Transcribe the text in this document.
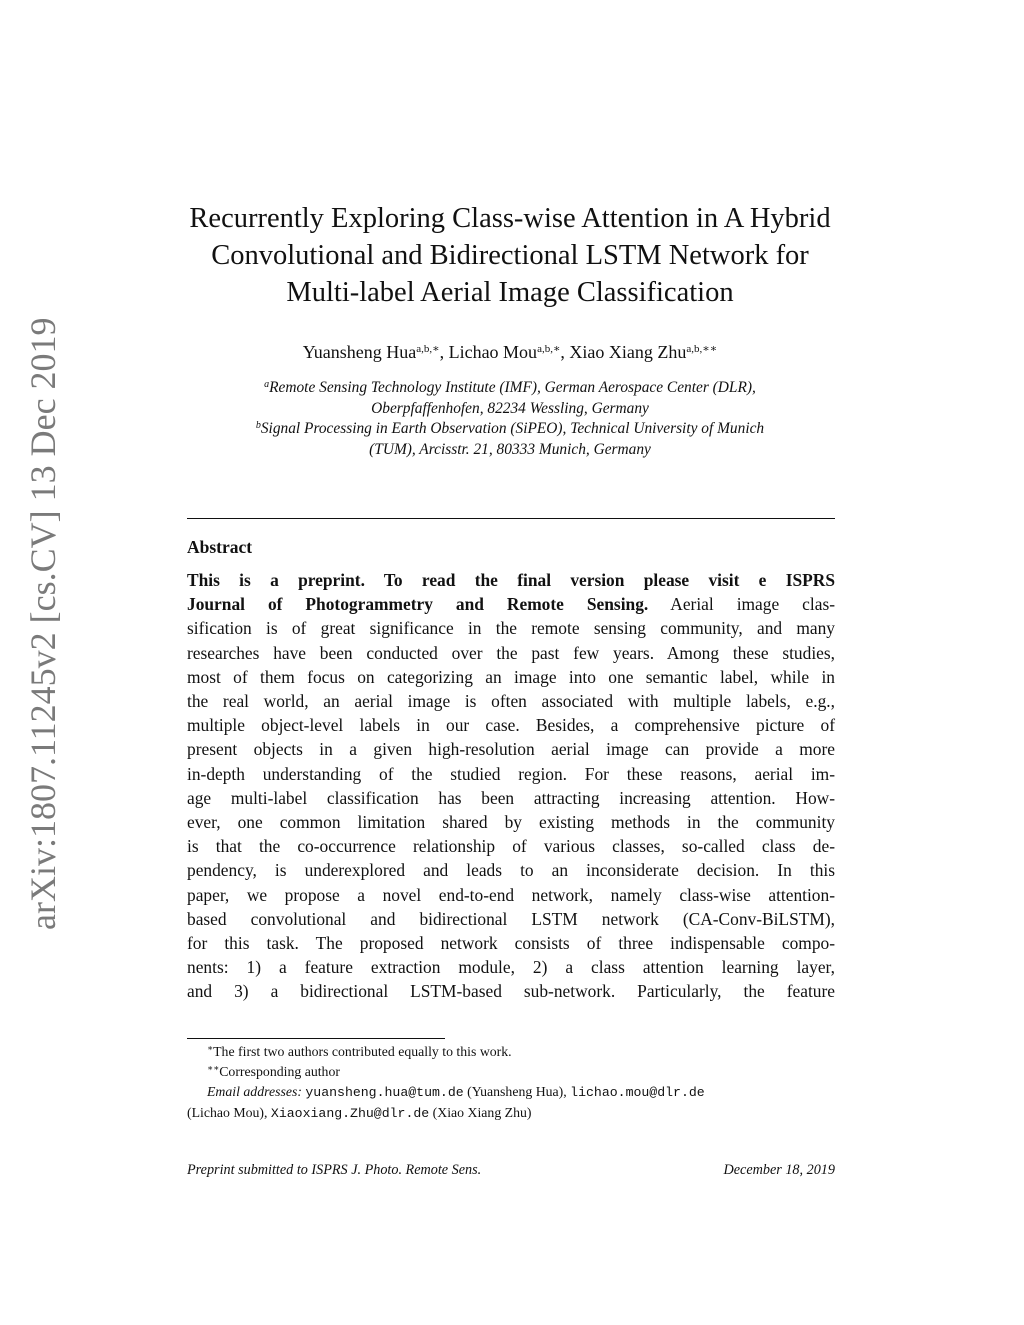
arXiv:1807.11245v2 [cs.CV] 13 Dec 2019
Recurrently Exploring Class-wise Attention in A Hybrid
Convolutional and Bidirectional LSTM Network for
Multi-label Aerial Image Classification
Yuansheng Hua$^{a,b,∗}$, Lichao Mou$^{a,b,∗}$, Xiao Xiang Zhu$^{a,b,∗∗}$
$^a$Remote Sensing Technology Institute (IMF), German Aerospace Center (DLR),
Oberpfaffenhofen, 82234 Wessling, Germany
$^b$Signal Processing in Earth Observation (SiPEO), Technical University of Munich
(TUM), Arcisstr. 21, 80333 Munich, Germany
Abstract
This is a preprint. To read the final version please visit e ISPRS
Journal of Photogrammetry and Remote Sensing. Aerial image clas-
sification is of great significance in the remote sensing community, and many
researches have been conducted over the past few years. Among these studies,
most of them focus on categorizing an image into one semantic label, while in
the real world, an aerial image is often associated with multiple labels, e.g.,
multiple object-level labels in our case. Besides, a comprehensive picture of
present objects in a given high-resolution aerial image can provide a more
in-depth understanding of the studied region. For these reasons, aerial im-
age multi-label classification has been attracting increasing attention. How-
ever, one common limitation shared by existing methods in the community
is that the co-occurrence relationship of various classes, so-called class de-
pendency, is underexplored and leads to an inconsiderate decision. In this
paper, we propose a novel end-to-end network, namely class-wise attention-
based convolutional and bidirectional LSTM network (CA-Conv-BiLSTM),
for this task. The proposed network consists of three indispensable compo-
nents: 1) a feature extraction module, 2) a class attention learning layer,
and 3) a bidirectional LSTM-based sub-network. Particularly, the feature
∗The first two authors contributed equally to this work.
∗∗Corresponding author
Email addresses: yuansheng.hua@tum.de (Yuansheng Hua), lichao.mou@dlr.de
(Lichao Mou), Xiaoxiang.Zhu@dlr.de (Xiao Xiang Zhu)
Preprint submitted to ISPRS J. Photo. Remote Sens.	December 18, 2019
